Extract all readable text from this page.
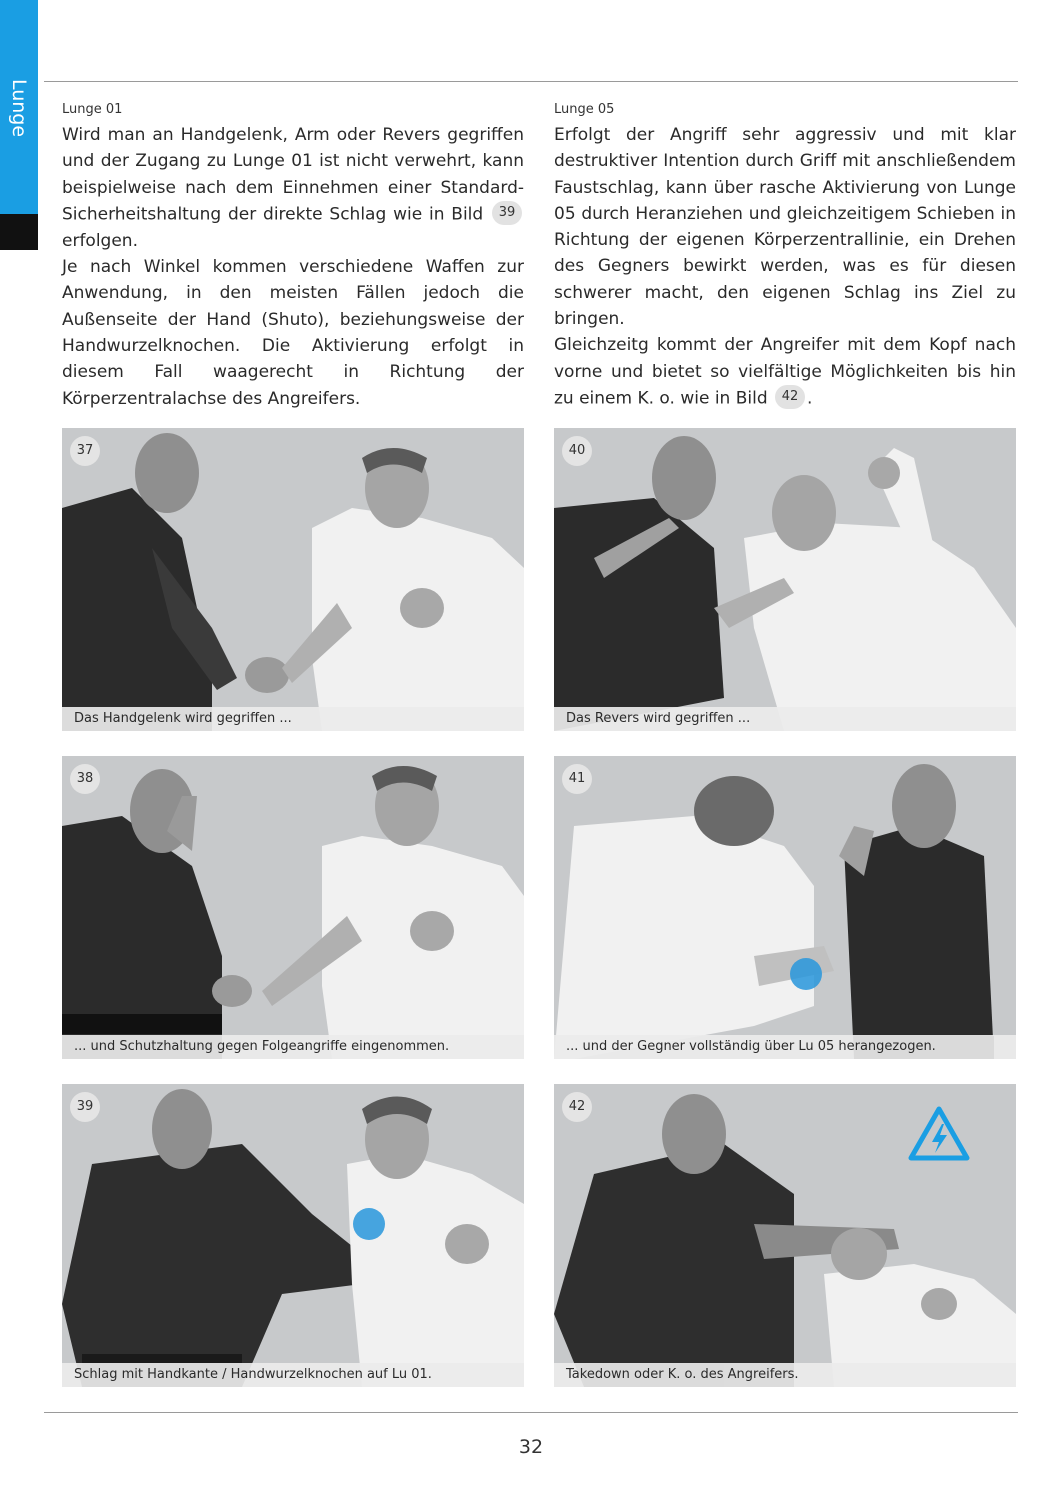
Lunge Lunge 01

Wird man an Handgelenk, Arm oder Revers gegriffen und der Zugang zu Lunge 01 ist nicht verwehrt, kann beispielweise nach dem Einnehmen einer Standard-Sicherheitshaltung der direkte Schlag wie in Bild 39erfolgen.

Je nach Winkel kommen verschiedene Waffen zur Anwendung, in den meisten Fällen jedoch die Außenseite der Hand (Shuto), beziehungsweise der Handwurzelknochen. Die Aktivierung erfolgt in diesem Fall waagerecht in Richtung der Körperzentralachse des Angreifers.

Lunge 05

Erfolgt der Angriff sehr aggressiv und mit klar destruktiver Intention durch Griff mit anschließendem Faustschlag, kann über rasche Aktivierung von Lunge 05 durch Heranziehen und gleichzeitigem Schieben in Richtung der eigenen Körperzentrallinie, ein Drehen des Gegners bewirkt werden, was es für diesen schwerer macht, den eigenen Schlag ins Ziel zu bringen.

Gleichzeitg kommt der Angreifer mit dem Kopf nach vorne und bietet so vielfältige Möglichkeiten bis hin zu einem K. o. wie in Bild 42 .

37
Das Handgelenk wird gegriffen ...
38
... und Schutzhaltung gegen Folgeangriffe eingenommen.
39
Schlag mit Handkante / Handwurzelknochen auf Lu 01.
40
Das Revers wird gegriffen ...
41
... und der Gegner vollständig über Lu 05 herangezogen.
42
Takedown oder K. o. des Angreifers.
32
